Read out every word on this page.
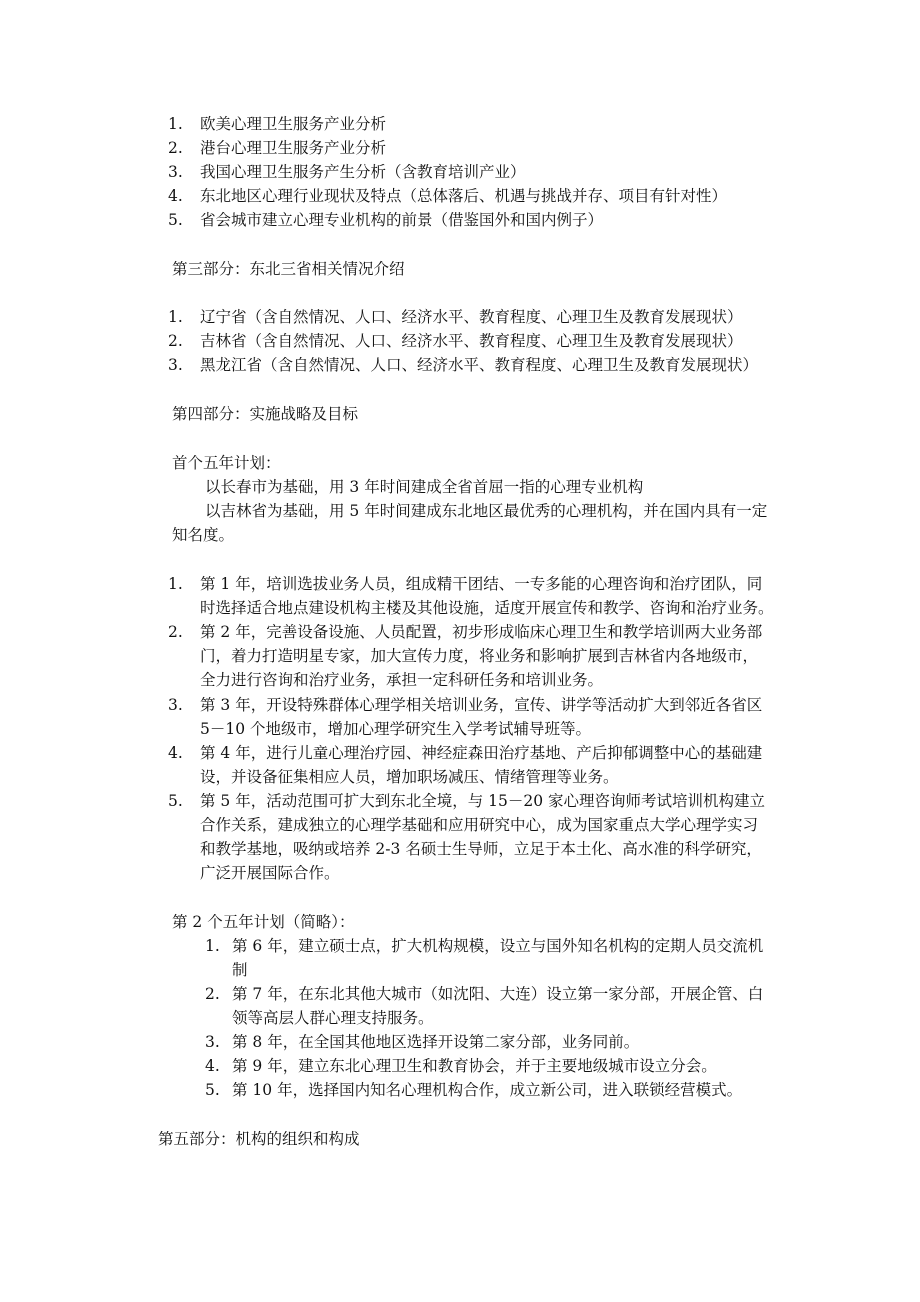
1. 欧美心理卫生服务产业分析
2. 港台心理卫生服务产业分析
3. 我国心理卫生服务产生分析（含教育培训产业）
4. 东北地区心理行业现状及特点（总体落后、机遇与挑战并存、项目有针对性）
5. 省会城市建立心理专业机构的前景（借鉴国外和国内例子）
第三部分：东北三省相关情况介绍
1. 辽宁省（含自然情况、人口、经济水平、教育程度、心理卫生及教育发展现状）
2. 吉林省（含自然情况、人口、经济水平、教育程度、心理卫生及教育发展现状）
3. 黑龙江省（含自然情况、人口、经济水平、教育程度、心理卫生及教育发展现状）
第四部分：实施战略及目标
首个五年计划：
以长春市为基础，用 3 年时间建成全省首屈一指的心理专业机构
以吉林省为基础，用 5 年时间建成东北地区最优秀的心理机构，并在国内具有一定
知名度。
1. 第 1 年，培训选拔业务人员，组成精干团结、一专多能的心理咨询和治疗团队，同
时选择适合地点建设机构主楼及其他设施，适度开展宣传和教学、咨询和治疗业务。
2. 第 2 年，完善设备设施、人员配置，初步形成临床心理卫生和教学培训两大业务部
门，着力打造明星专家，加大宣传力度，将业务和影响扩展到吉林省内各地级市，
全力进行咨询和治疗业务，承担一定科研任务和培训业务。
3. 第 3 年，开设特殊群体心理学相关培训业务，宣传、讲学等活动扩大到邻近各省区
5－10 个地级市，增加心理学研究生入学考试辅导班等。
4. 第 4 年，进行儿童心理治疗园、神经症森田治疗基地、产后抑郁调整中心的基础建
设，并设备征集相应人员，增加职场减压、情绪管理等业务。
5. 第 5 年，活动范围可扩大到东北全境，与 15－20 家心理咨询师考试培训机构建立
合作关系，建成独立的心理学基础和应用研究中心，成为国家重点大学心理学实习
和教学基地，吸纳或培养 2-3 名硕士生导师，立足于本土化、高水准的科学研究，
广泛开展国际合作。
第 2 个五年计划（简略）：
1. 第 6 年，建立硕士点，扩大机构规模，设立与国外知名机构的定期人员交流机
制
2. 第 7 年，在东北其他大城市（如沈阳、大连）设立第一家分部，开展企管、白
领等高层人群心理支持服务。
3. 第 8 年，在全国其他地区选择开设第二家分部，业务同前。
4. 第 9 年，建立东北心理卫生和教育协会，并于主要地级城市设立分会。
5. 第 10 年，选择国内知名心理机构合作，成立新公司，进入联锁经营模式。
第五部分：机构的组织和构成
